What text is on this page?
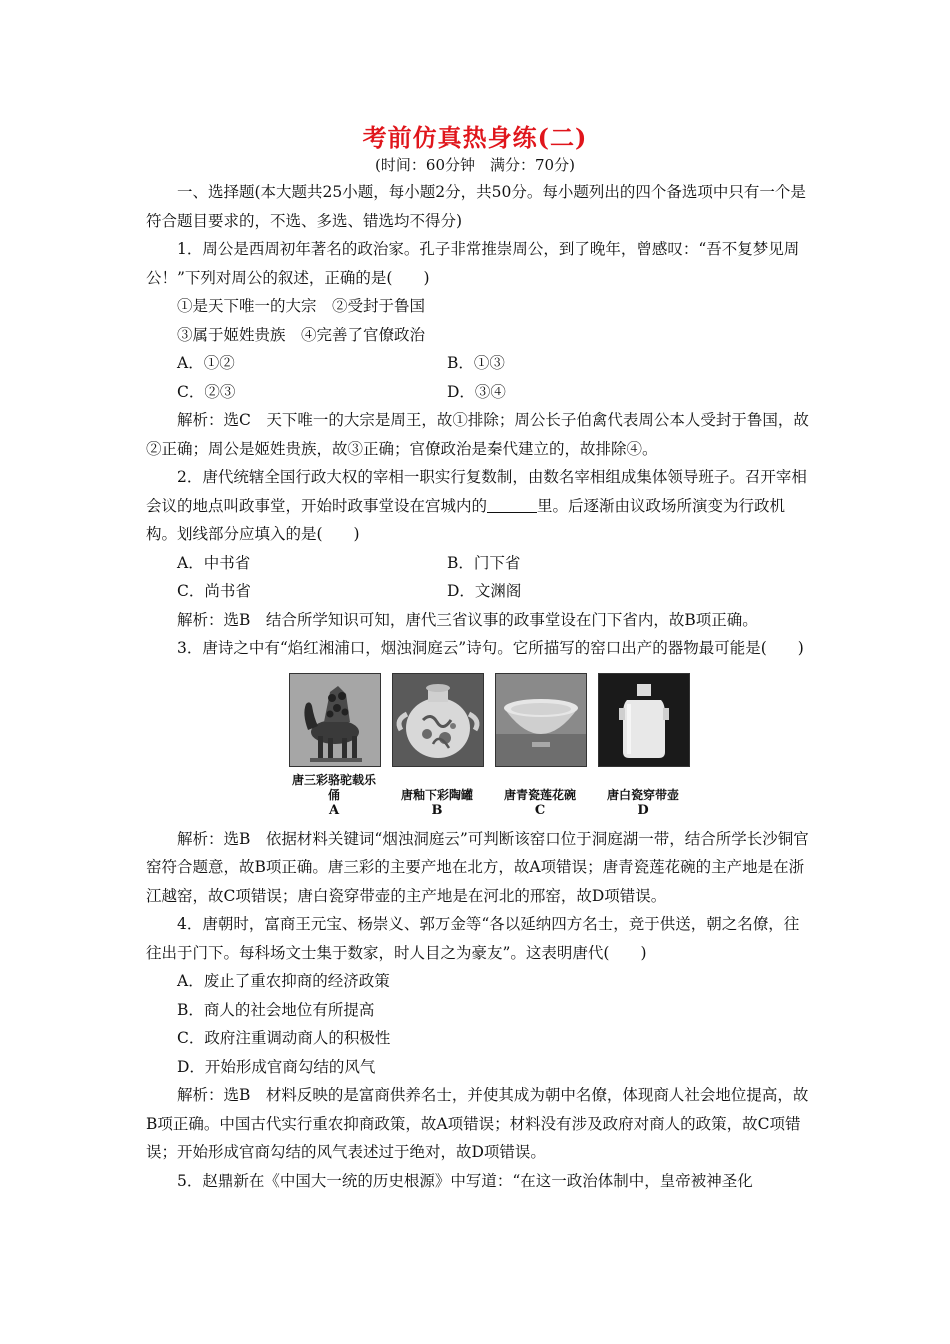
考前仿真热身练(二)
(时间：60分钟　满分：70分)

一、选择题(本大题共25小题，每小题2分，共50分。每小题列出的四个备选项中只有一个是符合题目要求的，不选、多选、错选均不得分)

1．周公是西周初年著名的政治家。孔子非常推崇周公，到了晚年，曾感叹：“吾不复梦见周公！”下列对周公的叙述，正确的是(　　)

①是天下唯一的大宗　②受封于鲁国

③属于姬姓贵族　④完善了官僚政治

A．①②	B．①③
C．②③	D．③④

解析：选C　天下唯一的大宗是周王，故①排除；周公长子伯禽代表周公本人受封于鲁国，故②正确；周公是姬姓贵族，故③正确；官僚政治是秦代建立的，故排除④。

2．唐代统辖全国行政大权的宰相一职实行复数制，由数名宰相组成集体领导班子。召开宰相会议的地点叫政事堂，开始时政事堂设在宫城内的	里。后逐渐由议政场所演变为行政机构。划线部分应填入的是(　　)

A．中书省	B．门下省
C．尚书省	D．文渊阁

解析：选B　结合所学知识可知，唐代三省议事的政事堂设在门下省内，故B项正确。

3．唐诗之中有“焰红湘浦口，烟浊洞庭云”诗句。它所描写的窑口出产的器物最可能是(　　)

唐三彩骆驼载乐俑
A
唐釉下彩陶罐
B
唐青瓷莲花碗
C
唐白瓷穿带壶
D

解析：选B　依据材料关键词“烟浊洞庭云”可判断该窑口位于洞庭湖一带，结合所学长沙铜官窑符合题意，故B项正确。唐三彩的主要产地在北方，故A项错误；唐青瓷莲花碗的主产地是在浙江越窑，故C项错误；唐白瓷穿带壶的主产地是在河北的邢窑，故D项错误。

4．唐朝时，富商王元宝、杨崇义、郭万金等“各以延纳四方名士，竞于供送，朝之名僚，往往出于门下。每科场文士集于数家，时人目之为豪友”。这表明唐代(　　)

A．废止了重农抑商的经济政策

B．商人的社会地位有所提高

C．政府注重调动商人的积极性

D．开始形成官商勾结的风气

解析：选B　材料反映的是富商供养名士，并使其成为朝中名僚，体现商人社会地位提高，故B项正确。中国古代实行重农抑商政策，故A项错误；材料没有涉及政府对商人的政策，故C项错误；开始形成官商勾结的风气表述过于绝对，故D项错误。

5．赵鼎新在《中国大一统的历史根源》中写道：“在这一政治体制中，皇帝被神圣化
